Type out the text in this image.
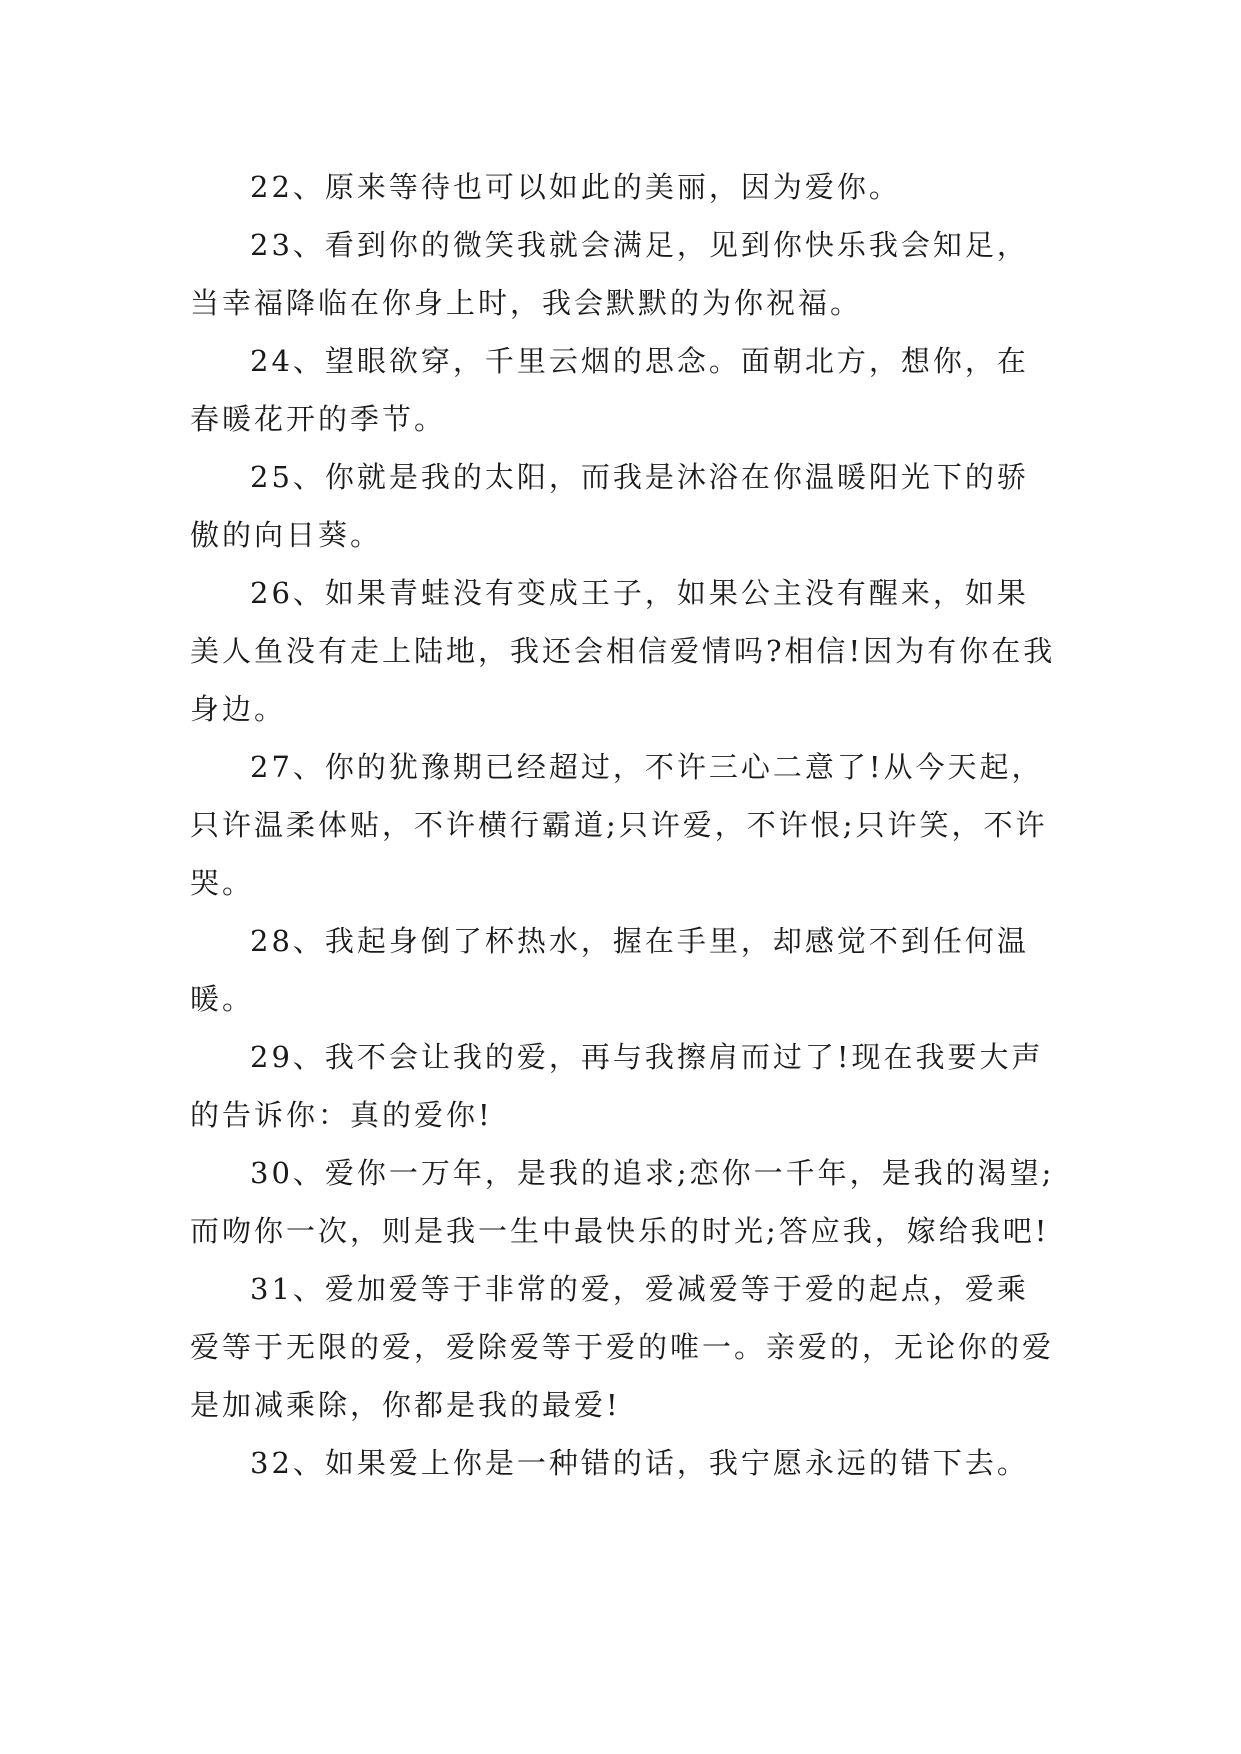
22、原来等待也可以如此的美丽，因为爱你。

23、看到你的微笑我就会满足，见到你快乐我会知足，当幸福降临在你身上时，我会默默的为你祝福。

24、望眼欲穿，千里云烟的思念。面朝北方，想你，在春暖花开的季节。

25、你就是我的太阳，而我是沐浴在你温暖阳光下的骄傲的向日葵。

26、如果青蛙没有变成王子，如果公主没有醒来，如果美人鱼没有走上陆地，我还会相信爱情吗?相信!因为有你在我身边。

27、你的犹豫期已经超过，不许三心二意了!从今天起，只许温柔体贴，不许横行霸道;只许爱，不许恨;只许笑，不许哭。

28、我起身倒了杯热水，握在手里，却感觉不到任何温暖。

29、我不会让我的爱，再与我擦肩而过了!现在我要大声的告诉你：真的爱你!

30、爱你一万年，是我的追求;恋你一千年，是我的渴望;而吻你一次，则是我一生中最快乐的时光;答应我，嫁给我吧!

31、爱加爱等于非常的爱，爱减爱等于爱的起点，爱乘爱等于无限的爱，爱除爱等于爱的唯一。亲爱的，无论你的爱是加减乘除，你都是我的最爱!

32、如果爱上你是一种错的话，我宁愿永远的错下去。
